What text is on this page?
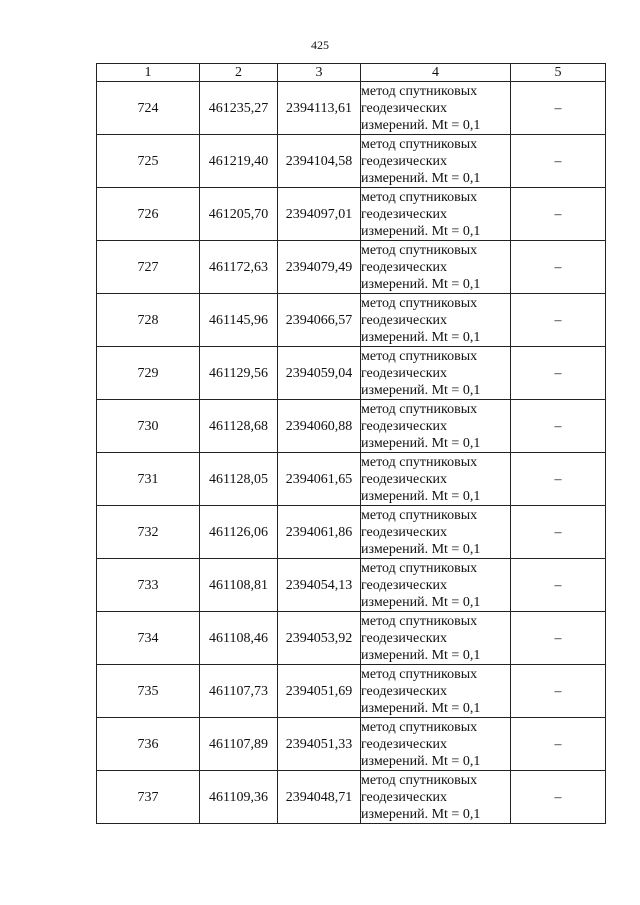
425
1	2	3	4	5
724	461235,27	2394113,61	метод спутниковых
геодезических
измерений. Mt = 0,1	–
725	461219,40	2394104,58	метод спутниковых
геодезических
измерений. Mt = 0,1	–
726	461205,70	2394097,01	метод спутниковых
геодезических
измерений. Mt = 0,1	–
727	461172,63	2394079,49	метод спутниковых
геодезических
измерений. Mt = 0,1	–
728	461145,96	2394066,57	метод спутниковых
геодезических
измерений. Mt = 0,1	–
729	461129,56	2394059,04	метод спутниковых
геодезических
измерений. Mt = 0,1	–
730	461128,68	2394060,88	метод спутниковых
геодезических
измерений. Mt = 0,1	–
731	461128,05	2394061,65	метод спутниковых
геодезических
измерений. Mt = 0,1	–
732	461126,06	2394061,86	метод спутниковых
геодезических
измерений. Mt = 0,1	–
733	461108,81	2394054,13	метод спутниковых
геодезических
измерений. Mt = 0,1	–
734	461108,46	2394053,92	метод спутниковых
геодезических
измерений. Mt = 0,1	–
735	461107,73	2394051,69	метод спутниковых
геодезических
измерений. Mt = 0,1	–
736	461107,89	2394051,33	метод спутниковых
геодезических
измерений. Mt = 0,1	–
737	461109,36	2394048,71	метод спутниковых
геодезических
измерений. Mt = 0,1	–
